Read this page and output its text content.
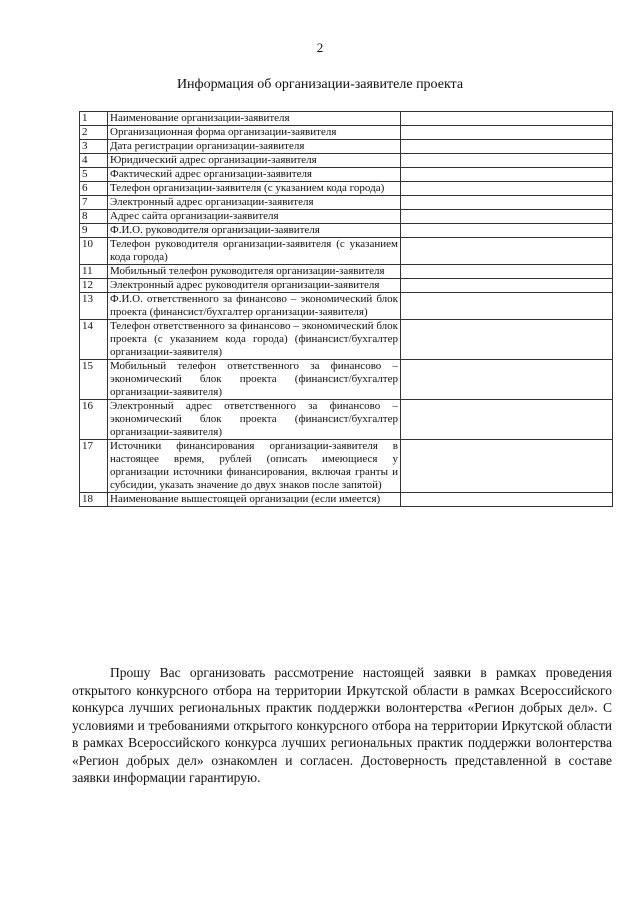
2
Информация об организации-заявителе проекта
1	Наименование организации-заявителя	
2	Организационная форма организации-заявителя	
3	Дата регистрации организации-заявителя	
4	Юридический адрес организации-заявителя	
5	Фактический адрес организации-заявителя	
6	Телефон организации-заявителя (с указанием кода города)	
7	Электронный адрес организации-заявителя	
8	Адрес сайта организации-заявителя	
9	Ф.И.О. руководителя организации-заявителя	
10	Телефон руководителя организации-заявителя (с указанием кода города)	
11	Мобильный телефон руководителя организации-заявителя	
12	Электронный адрес руководителя организации-заявителя	
13	Ф.И.О. ответственного за финансово – экономический блок проекта (финансист/бухгалтер организации-заявителя)	
14	Телефон ответственного за финансово – экономический блок проекта (с указанием кода города) (финансист/бухгалтер организации-заявителя)	
15	Мобильный телефон ответственного за финансово – экономический блок проекта (финансист/бухгалтер организации-заявителя)	
16	Электронный адрес ответственного за финансово – экономический блок проекта (финансист/бухгалтер организации-заявителя)	
17	Источники финансирования организации-заявителя в настоящее время, рублей (описать имеющиеся у организации источники финансирования, включая гранты и субсидии, указать значение до двух знаков после запятой)	
18	Наименование вышестоящей организации (если имеется)	

Прошу Вас организовать рассмотрение настоящей заявки в рамках проведения открытого конкурсного отбора на территории Иркутской области в рамках Всероссийского конкурса лучших региональных практик поддержки волонтерства «Регион добрых дел». С условиями и требованиями открытого конкурсного отбора на территории Иркутской области в рамках Всероссийского конкурса лучших региональных практик поддержки волонтерства «Регион добрых дел» ознакомлен и согласен. Достоверность представленной в составе заявки информации гарантирую.
